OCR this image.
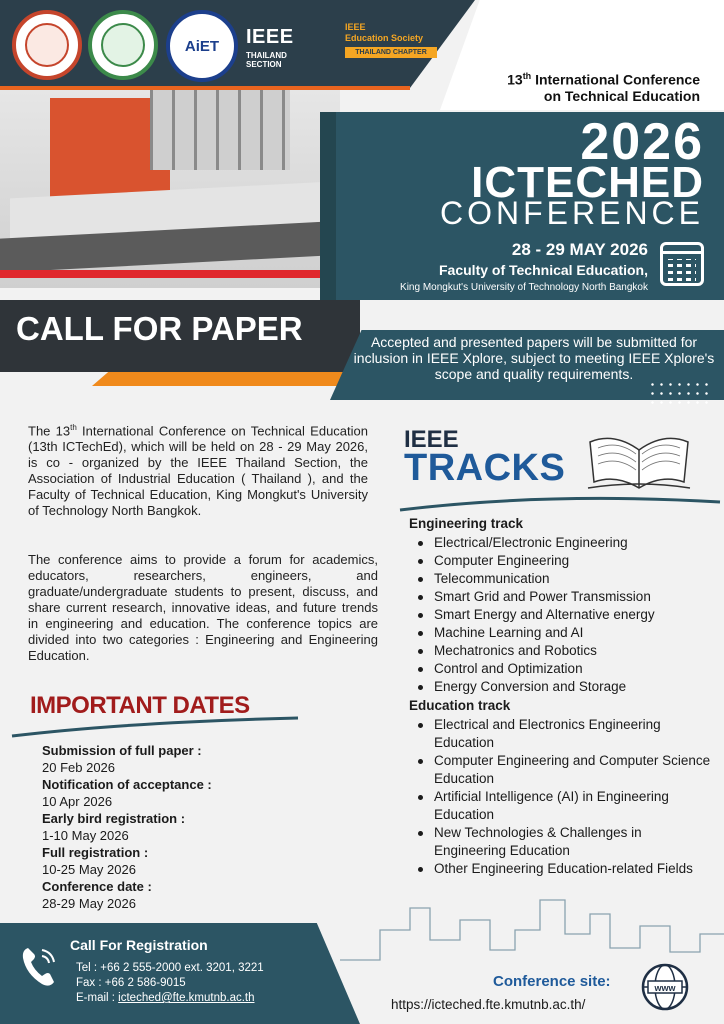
AiET IEEE
THAILAND SECTION
IEEE
Education Society
THAILAND CHAPTER
13th International Conference
on Technical Education
2026
ICTECHED
CONFERENCE
28 - 29 MAY 2026
Faculty of Technical Education,
King Mongkut's University of Technology North Bangkok
CALL FOR PAPER	Accepted and presented papers will be submitted for inclusion in IEEE Xplore, subject to meeting IEEE Xplore's scope and quality requirements.

The 13th International Conference on Technical Education (13th ICTechEd), which will be held on 28 - 29 May 2026, is co - organized by the IEEE Thailand Section, the Association of Industrial Education ( Thailand ), and the Faculty of Technical Education, King Mongkut's University of Technology North Bangkok.

The conference aims to provide a forum for academics, educators, researchers, engineers, and graduate/undergraduate students to present, discuss, and share current research, innovative ideas, and future trends in engineering and education. The conference topics are divided into two categories : Engineering and Engineering Education.

IMPORTANT DATES
Submission of full paper :
20 Feb 2026
Notification of acceptance :
10 Apr 2026
Early bird registration :
1-10 May 2026
Full registration :
10-25 May 2026
Conference date :
28-29 May 2026
IEEE
TRACKS
Engineering track
Electrical/Electronic Engineering
Computer Engineering
Telecommunication
Smart Grid and Power Transmission
Smart Energy and Alternative energy
Machine Learning and AI
Mechatronics and Robotics
Control and Optimization
Energy Conversion and Storage
Education track
Electrical and Electronics Engineering Education
Computer Engineering and Computer Science Education
Artificial Intelligence (AI) in Engineering Education
New Technologies & Challenges in Engineering Education
Other Engineering Education-related Fields
Call For Registration
Tel : +66 2 555-2000 ext. 3201, 3221
Fax : +66 2 586-9015
E-mail : icteched@fte.kmutnb.ac.th
Conference site:
https://icteched.fte.kmutnb.ac.th/
www
